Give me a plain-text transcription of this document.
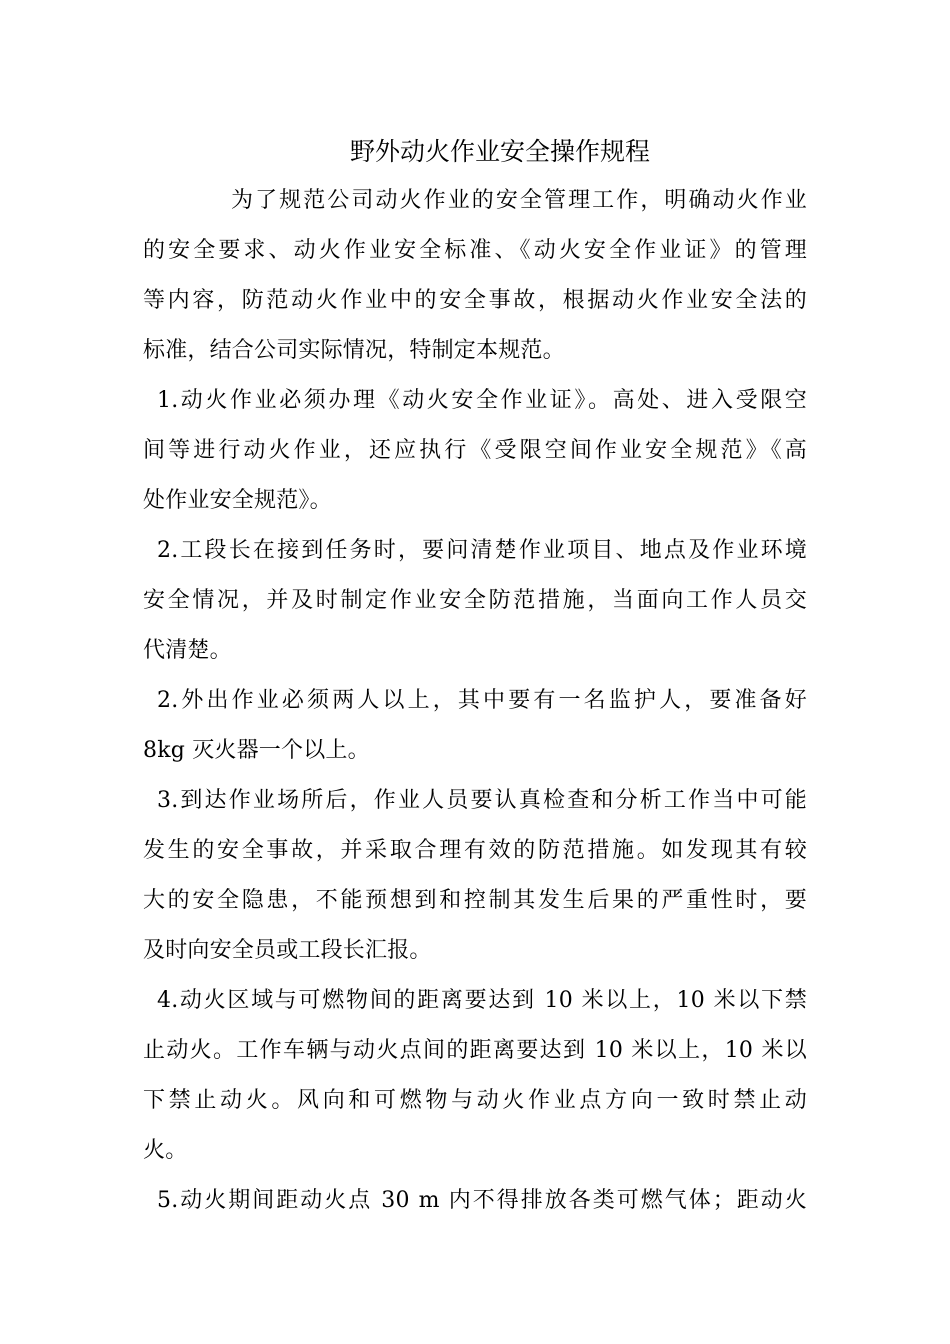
野外动火作业安全操作规程
为了规范公司动火作业的安全管理工作，明确动火作业
的安全要求、动火作业安全标准、《动火安全作业证》的管理
等内容，防范动火作业中的安全事故，根据动火作业安全法的
标准，结合公司实际情况，特制定本规范。
1.动火作业必须办理《动火安全作业证》。高处、进入受限空
间等进行动火作业，还应执行《受限空间作业安全规范》《高
处作业安全规范》。
2.工段长在接到任务时，要问清楚作业项目、地点及作业环境
安全情况，并及时制定作业安全防范措施，当面向工作人员交
代清楚。
2.外出作业必须两人以上，其中要有一名监护人，要准备好
8kg 灭火器一个以上。
3.到达作业场所后，作业人员要认真检查和分析工作当中可能
发生的安全事故，并采取合理有效的防范措施。如发现其有较
大的安全隐患，不能预想到和控制其发生后果的严重性时，要
及时向安全员或工段长汇报。
4.动火区域与可燃物间的距离要达到 10 米以上，10 米以下禁
止动火。工作车辆与动火点间的距离要达到 10 米以上，10 米以
下禁止动火。风向和可燃物与动火作业点方向一致时禁止动
火。
5.动火期间距动火点 30 m 内不得排放各类可燃气体；距动火
